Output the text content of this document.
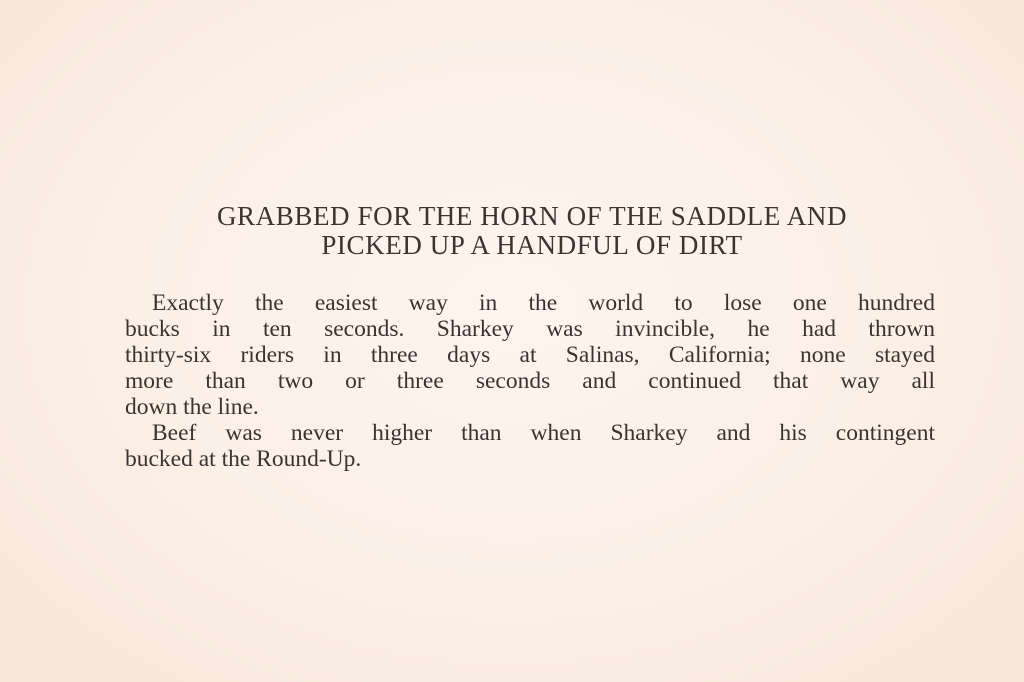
GRABBED FOR THE HORN OF THE SADDLE AND
PICKED UP A HANDFUL OF DIRT
Exactly the easiest way in the world to lose one hundred
bucks in ten seconds. Sharkey was invincible, he had thrown
thirty-six riders in three days at Salinas, California; none stayed
more than two or three seconds and continued that way all
down the line.
Beef was never higher than when Sharkey and his contingent
bucked at the Round-Up.
